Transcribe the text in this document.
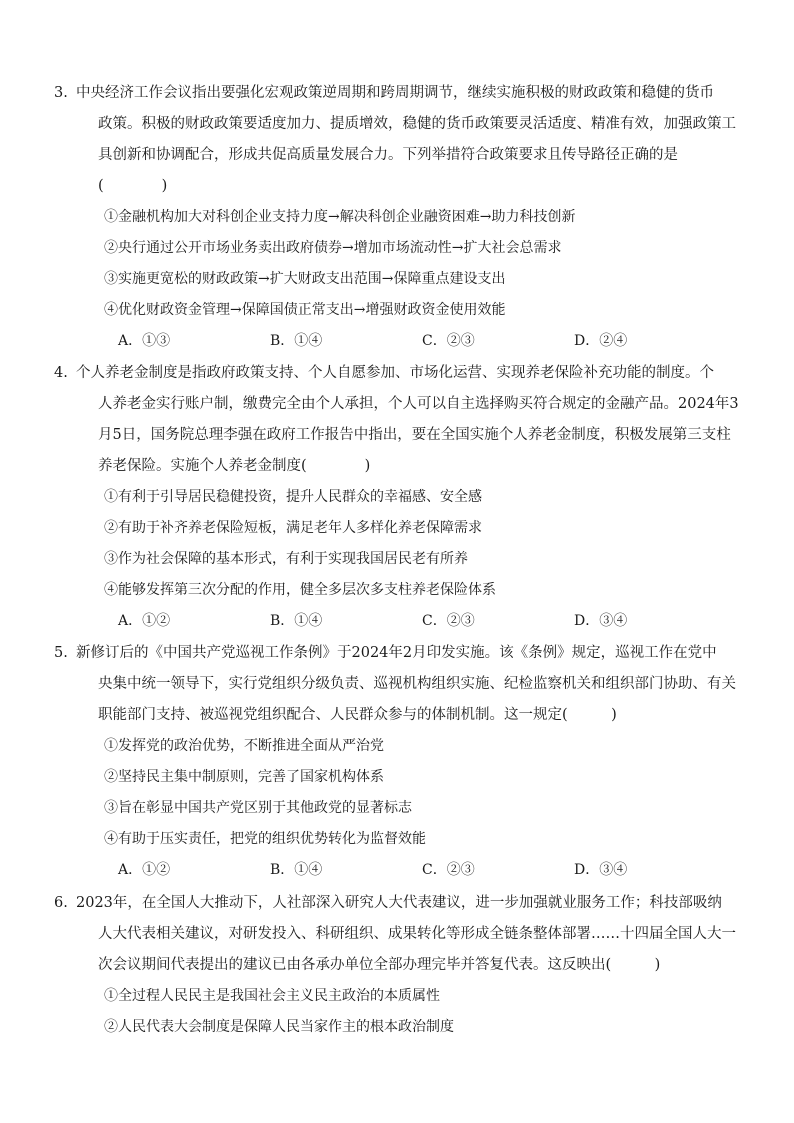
3. 中央经济工作会议指出要强化宏观政策逆周期和跨周期调节，继续实施积极的财政政策和稳健的货币
政策。积极的财政政策要适度加力、提质增效，稳健的货币政策要灵活适度、精准有效，加强政策工
具创新和协调配合，形成共促高质量发展合力。下列举措符合政策要求且传导路径正确的是
(　　　　)

①金融机构加大对科创企业支持力度→解决科创企业融资困难→助力科技创新

②央行通过公开市场业务卖出政府债券→增加市场流动性→扩大社会总需求

③实施更宽松的财政政策→扩大财政支出范围→保障重点建设支出

④优化财政资金管理→保障国债正常支出→增强财政资金使用效能

A．①③	B．①④	C．②③	D．②④

4. 个人养老金制度是指政府政策支持、个人自愿参加、市场化运营、实现养老保险补充功能的制度。个
人养老金实行账户制，缴费完全由个人承担，个人可以自主选择购买符合规定的金融产品。2024年3
月5日，国务院总理李强在政府工作报告中指出，要在全国实施个人养老金制度，积极发展第三支柱
养老保险。实施个人养老金制度(　　　　)

①有利于引导居民稳健投资，提升人民群众的幸福感、安全感

②有助于补齐养老保险短板，满足老年人多样化养老保障需求

③作为社会保障的基本形式，有利于实现我国居民老有所养

④能够发挥第三次分配的作用，健全多层次多支柱养老保险体系

A．①②	B．①④	C．②③	D．③④

5. 新修订后的《中国共产党巡视工作条例》于2024年2月印发实施。该《条例》规定，巡视工作在党中
央集中统一领导下，实行党组织分级负责、巡视机构组织实施、纪检监察机关和组织部门协助、有关
职能部门支持、被巡视党组织配合、人民群众参与的体制机制。这一规定(　　　)

①发挥党的政治优势，不断推进全面从严治党

②坚持民主集中制原则，完善了国家机构体系

③旨在彰显中国共产党区别于其他政党的显著标志

④有助于压实责任，把党的组织优势转化为监督效能

A．①②	B．①④	C．②③	D．③④

6. 2023年，在全国人大推动下，人社部深入研究人大代表建议，进一步加强就业服务工作；科技部吸纳
人大代表相关建议，对研发投入、科研组织、成果转化等形成全链条整体部署……十四届全国人大一
次会议期间代表提出的建议已由各承办单位全部办理完毕并答复代表。这反映出(　　　)

①全过程人民民主是我国社会主义民主政治的本质属性

②人民代表大会制度是保障人民当家作主的根本政治制度
